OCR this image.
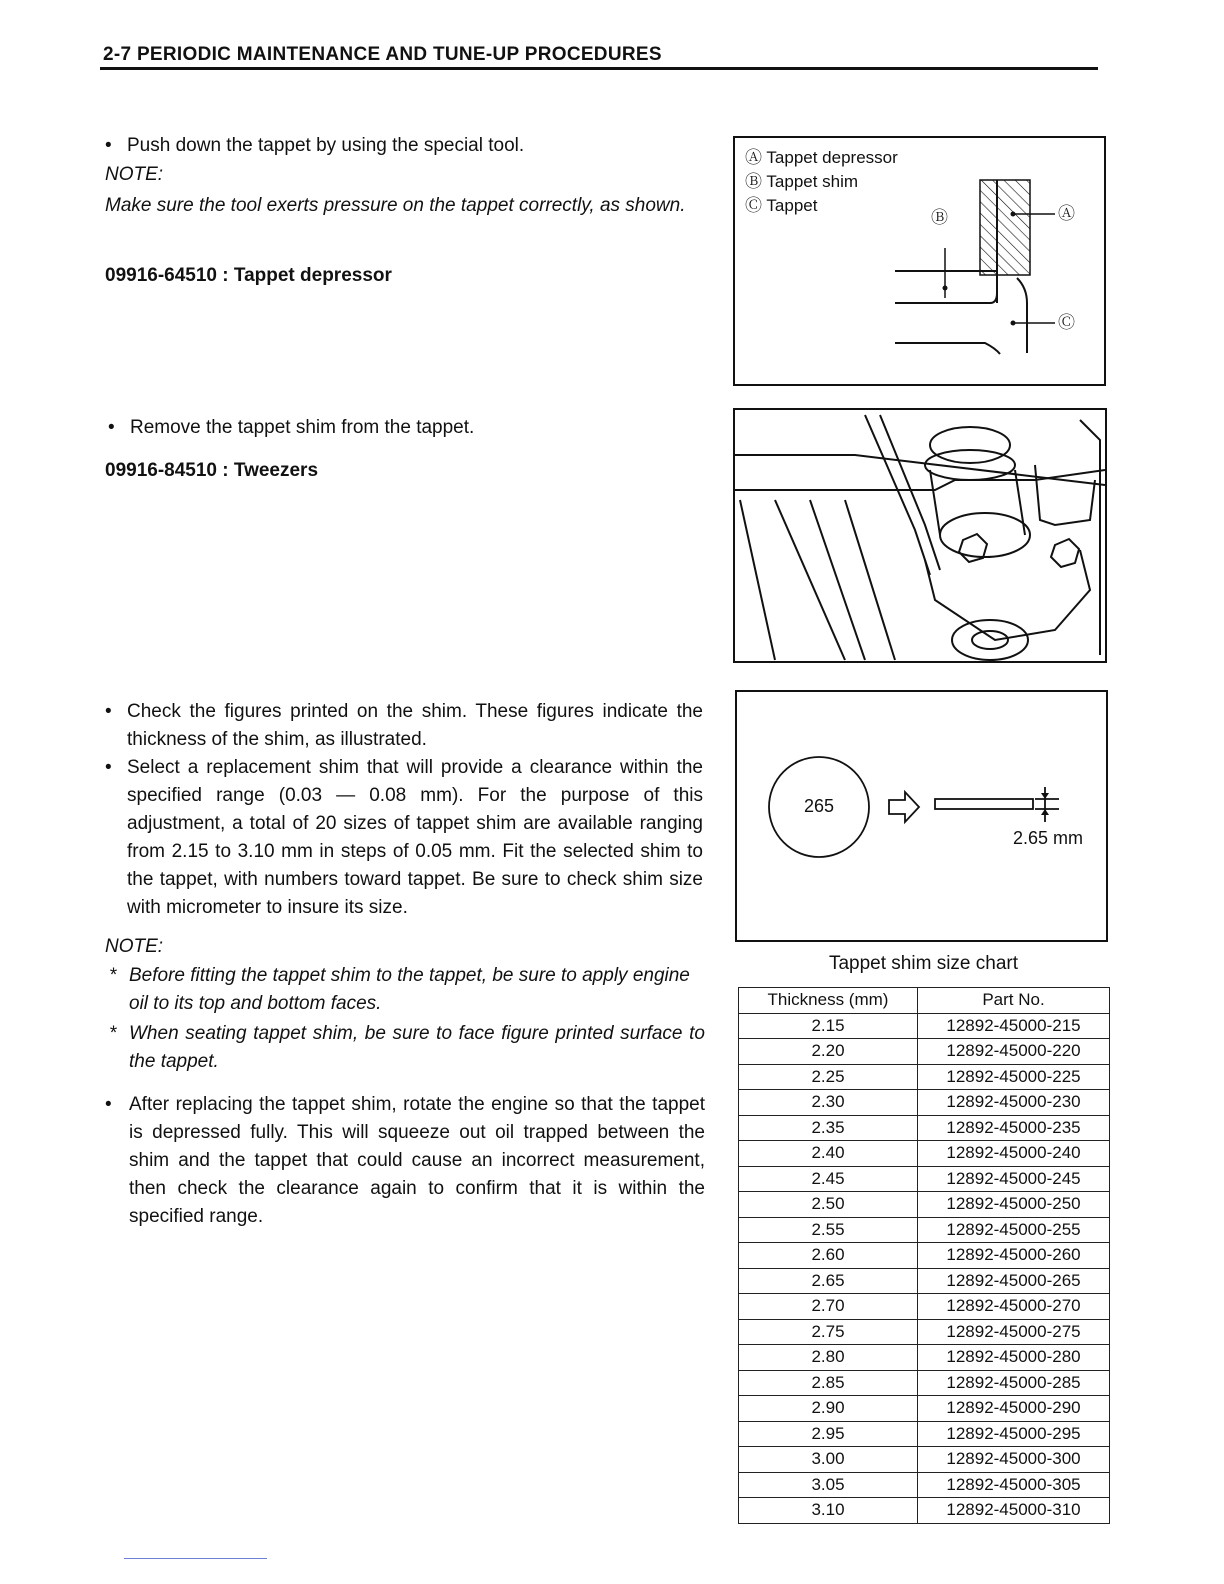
2-7 PERIODIC MAINTENANCE AND TUNE-UP PROCEDURES
• Push down the tappet by using the special tool.
NOTE:
Make sure the tool exerts pressure on the tappet correctly, as shown.
09916-64510 : Tappet depressor
Ⓐ Tappet depressor
Ⓑ Tappet shim
Ⓒ Tappet
Ⓑ	Ⓐ
Ⓒ
• Remove the tappet shim from the tappet.
09916-84510 : Tweezers
• Check the figures printed on the shim. These figures indicate the thickness of the shim, as illustrated.
• Select a replacement shim that will provide a clearance within the specified range (0.03 — 0.08 mm). For the purpose of this adjustment, a total of 20 sizes of tappet shim are available ranging from 2.15 to 3.10 mm in steps of 0.05 mm. Fit the selected shim to the tappet, with numbers toward tappet. Be sure to check shim size with micrometer to insure its size.
265
2.65 mm
NOTE:
* Before fitting the tappet shim to the tappet, be sure to apply engine oil to its top and bottom faces.
* When seating tappet shim, be sure to face figure printed surface to the tappet.
• After replacing the tappet shim, rotate the engine so that the tappet is depressed fully. This will squeeze out oil trapped between the shim and the tappet that could cause an incorrect measurement, then check the clearance again to confirm that it is within the specified range.
Tappet shim size chart
Thickness (mm)	Part No.
2.15	12892-45000-215
2.20	12892-45000-220
2.25	12892-45000-225
2.30	12892-45000-230
2.35	12892-45000-235
2.40	12892-45000-240
2.45	12892-45000-245
2.50	12892-45000-250
2.55	12892-45000-255
2.60	12892-45000-260
2.65	12892-45000-265
2.70	12892-45000-270
2.75	12892-45000-275
2.80	12892-45000-280
2.85	12892-45000-285
2.90	12892-45000-290
2.95	12892-45000-295
3.00	12892-45000-300
3.05	12892-45000-305
3.10	12892-45000-310
